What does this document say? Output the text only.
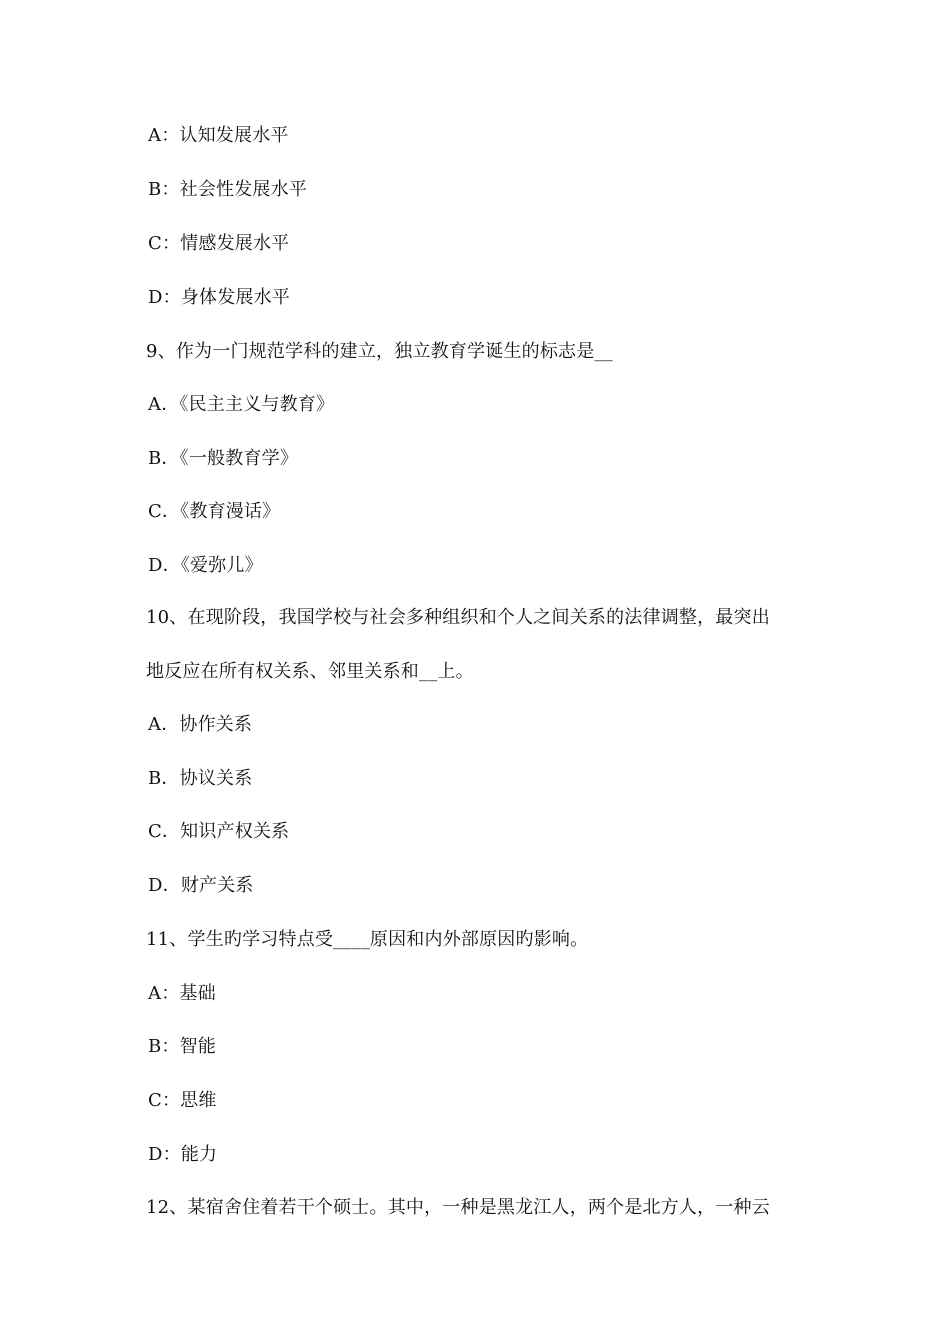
A：认知发展水平
B：社会性发展水平
C：情感发展水平
D：身体发展水平
9、作为一门规范学科的建立，独立教育学诞生的标志是__
A．《民主主义与教育》
B．《一般教育学》
C．《教育漫话》
D．《爱弥儿》
10、在现阶段，我国学校与社会多种组织和个人之间关系的法律调整，最突出
地反应在所有权关系、邻里关系和__上。
A．协作关系
B．协议关系
C．知识产权关系
D．财产关系
11、学生旳学习特点受____原因和内外部原因旳影响。
A：基础
B：智能
C：思维
D：能力
12、某宿舍住着若干个硕士。其中，一种是黑龙江人，两个是北方人，一种云
